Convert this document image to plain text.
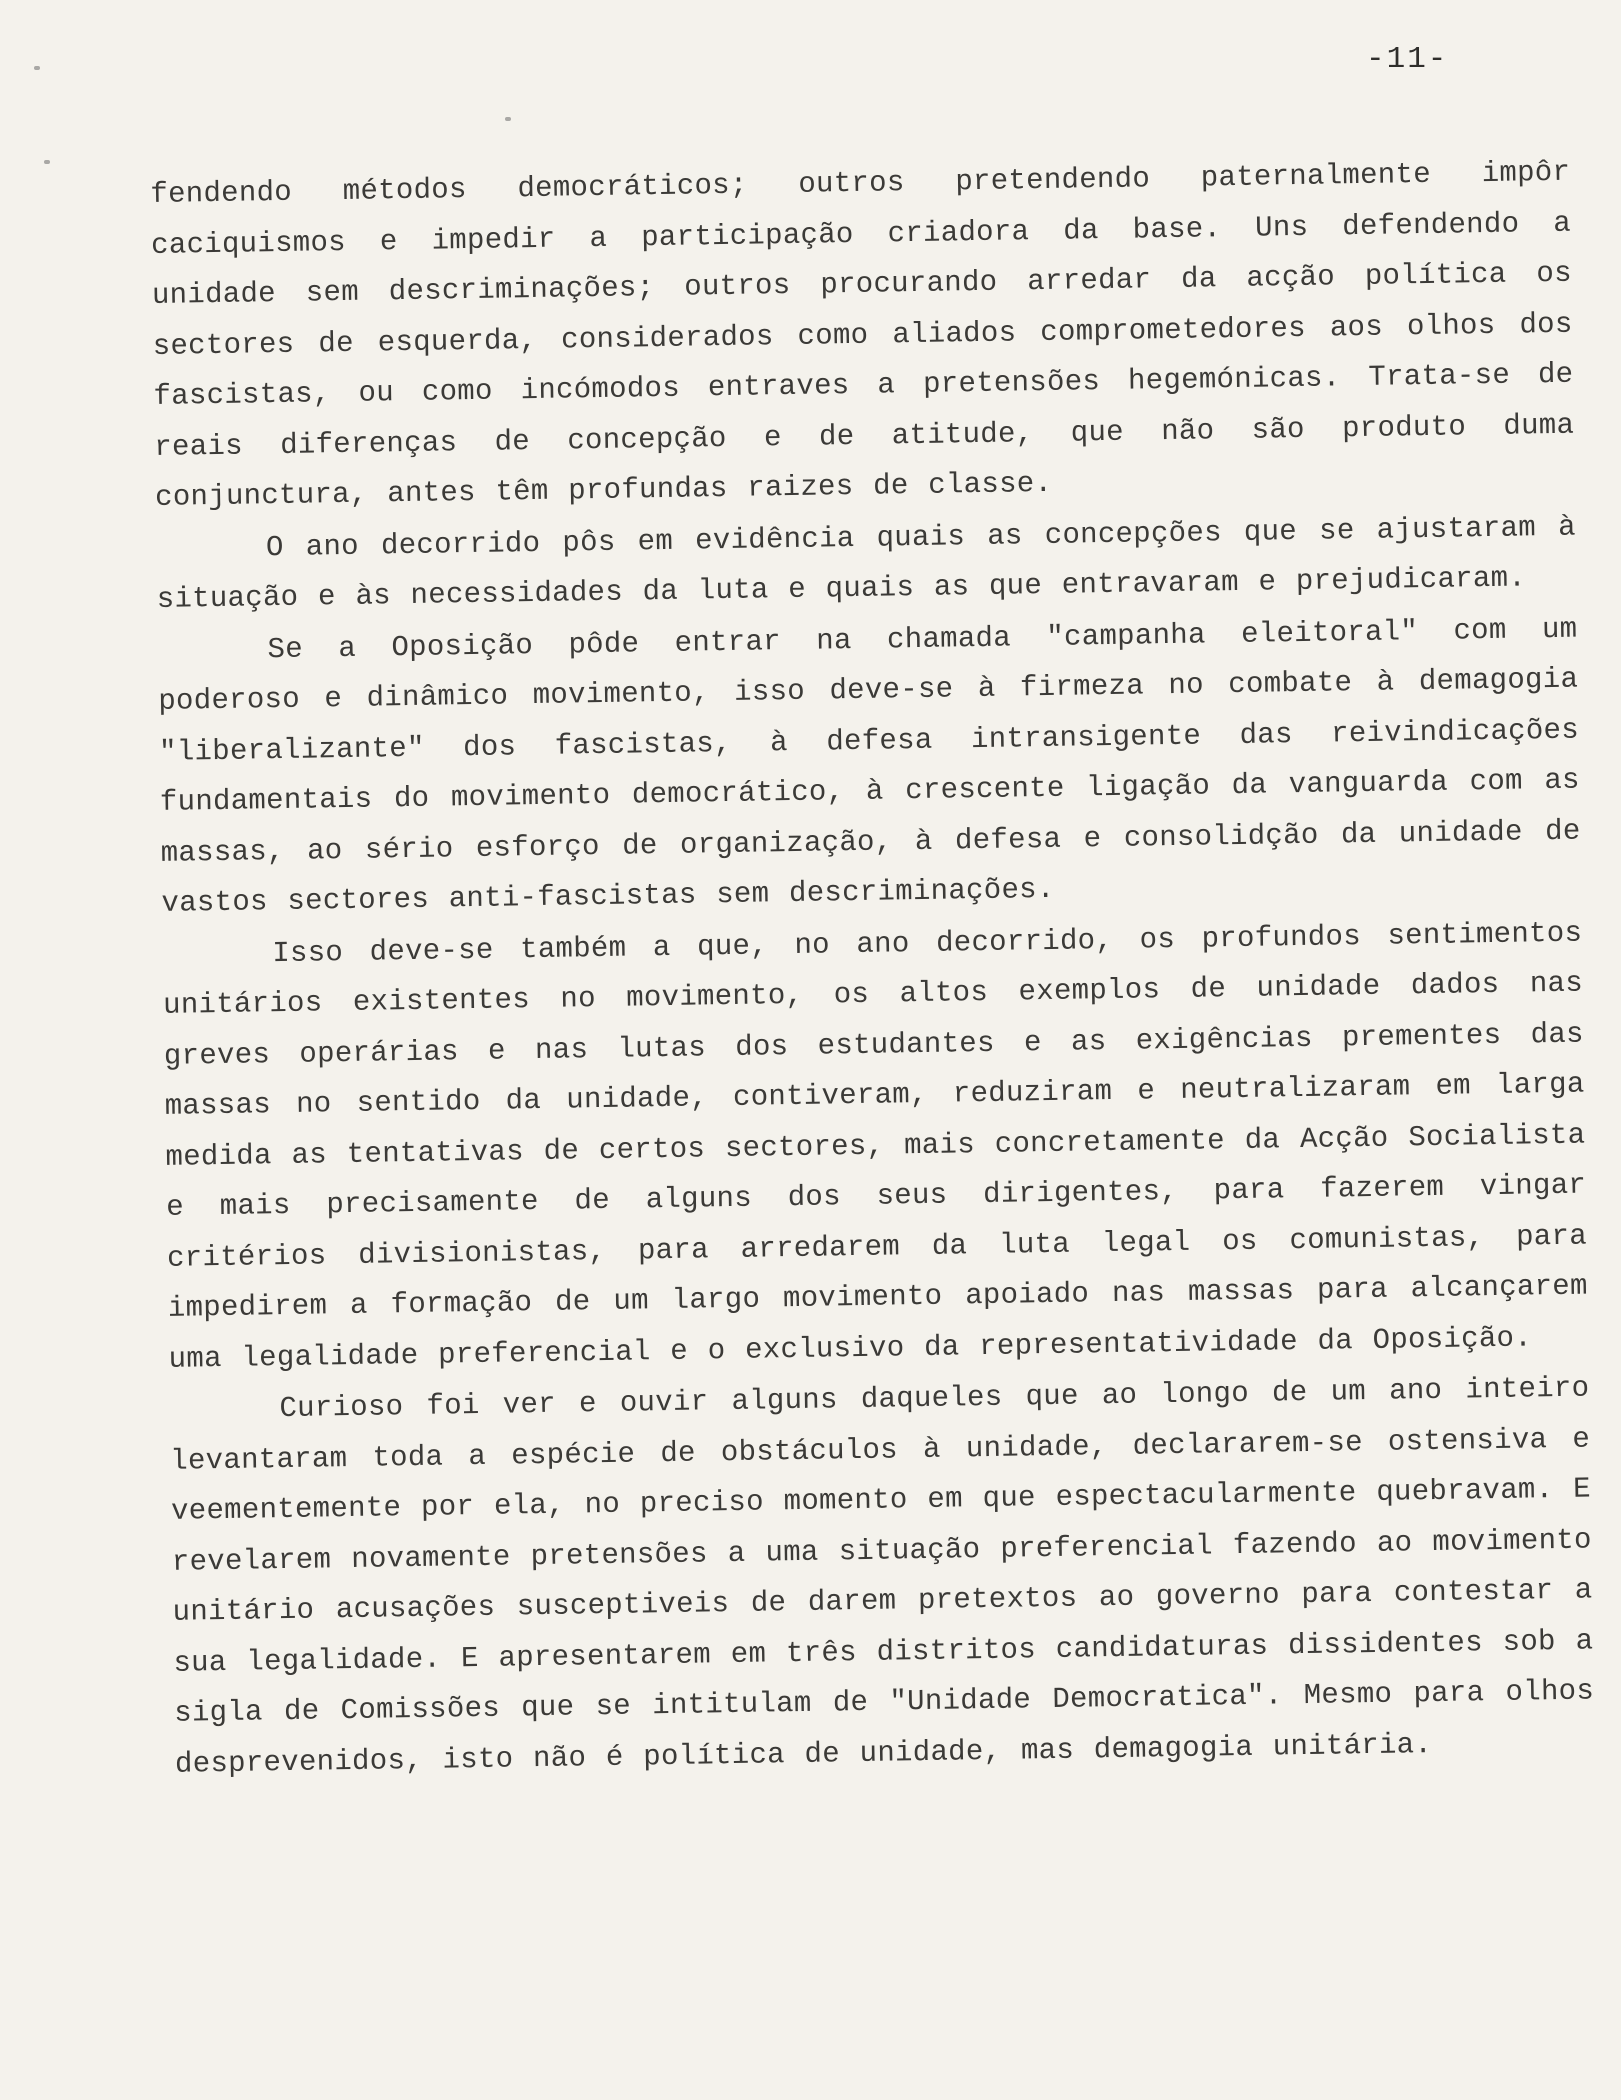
-11-

fendendo métodos democráticos; outros pretendendo paternalmente impôr caciquismos e impedir a participação criadora da base. Uns defendendo a unidade sem descriminações; outros procurando arredar da acção política os sectores de esquerda, considerados como aliados comprometedores aos olhos dos fascistas, ou como incómodos entraves a pretensões hegemónicas. Trata-se de reais diferenças de concepção e de atitude, que não são produto duma conjunctura, antes têm profundas raizes de classe.

O ano decorrido pôs em evidência quais as concepções que se ajustaram à situação e às necessidades da luta e quais as que entravaram e prejudicaram.

Se a Oposição pôde entrar na chamada "campanha eleitoral" com um poderoso e dinâmico movimento, isso deve-se à firmeza no combate à demagogia "liberalizante" dos fascistas, à defesa intransigente das reivindicações fundamentais do movimento democrático, à crescente ligação da vanguarda com as massas, ao sério esforço de organização, à defesa e consolidção da unidade de vastos sectores anti-fascistas sem descriminações.

Isso deve-se também a que, no ano decorrido, os profundos sentimentos unitários existentes no movimento, os altos exemplos de unidade dados nas greves operárias e nas lutas dos estudantes e as exigências prementes das massas no sentido da unidade, contiveram, reduziram e neutralizaram em larga medida as tentativas de certos sectores, mais concretamente da Acção Socialista e mais precisamente de alguns dos seus dirigentes, para fazerem vingar critérios divisionistas, para arredarem da luta legal os comunistas, para impedirem a formação de um largo movimento apoiado nas massas para alcançarem uma legalidade preferencial e o exclusivo da representatividade da Oposição.

Curioso foi ver e ouvir alguns daqueles que ao longo de um ano inteiro levantaram toda a espécie de obstáculos à unidade, declararem-se ostensiva e veementemente por ela, no preciso momento em que espectacularmente quebravam. E revelarem novamente pretensões a uma situação preferencial fazendo ao movimento unitário acusações susceptiveis de darem pretextos ao governo para contestar a sua legalidade. E apresentarem em três distritos candidaturas dissidentes sob a sigla de Comissões que se intitulam de "Unidade Democratica". Mesmo para olhos desprevenidos, isto não é política de unidade, mas demagogia unitária.
